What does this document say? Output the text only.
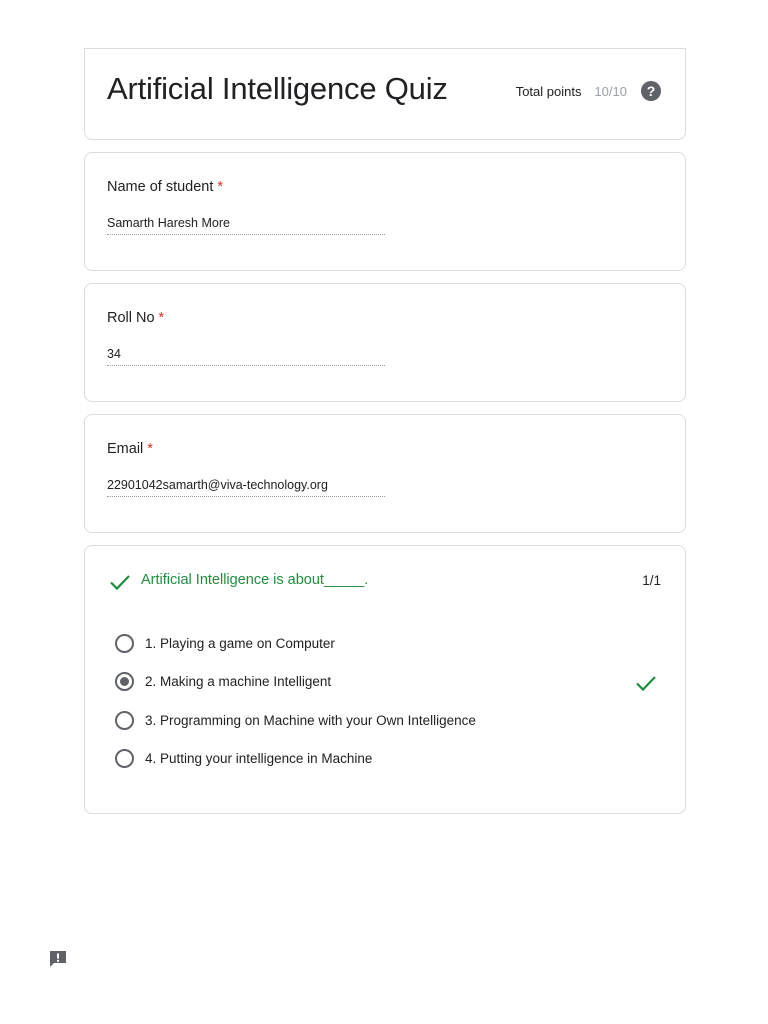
Artificial Intelligence Quiz	Total points 10/10	?
Name of student *
Samarth Haresh More
Roll No *
34
Email *
22901042samarth@viva-technology.org
Artificial Intelligence is about_____.	1/1
1. Playing a game on Computer
2. Making a machine Intelligent
3. Programming on Machine with your Own Intelligence
4. Putting your intelligence in Machine
